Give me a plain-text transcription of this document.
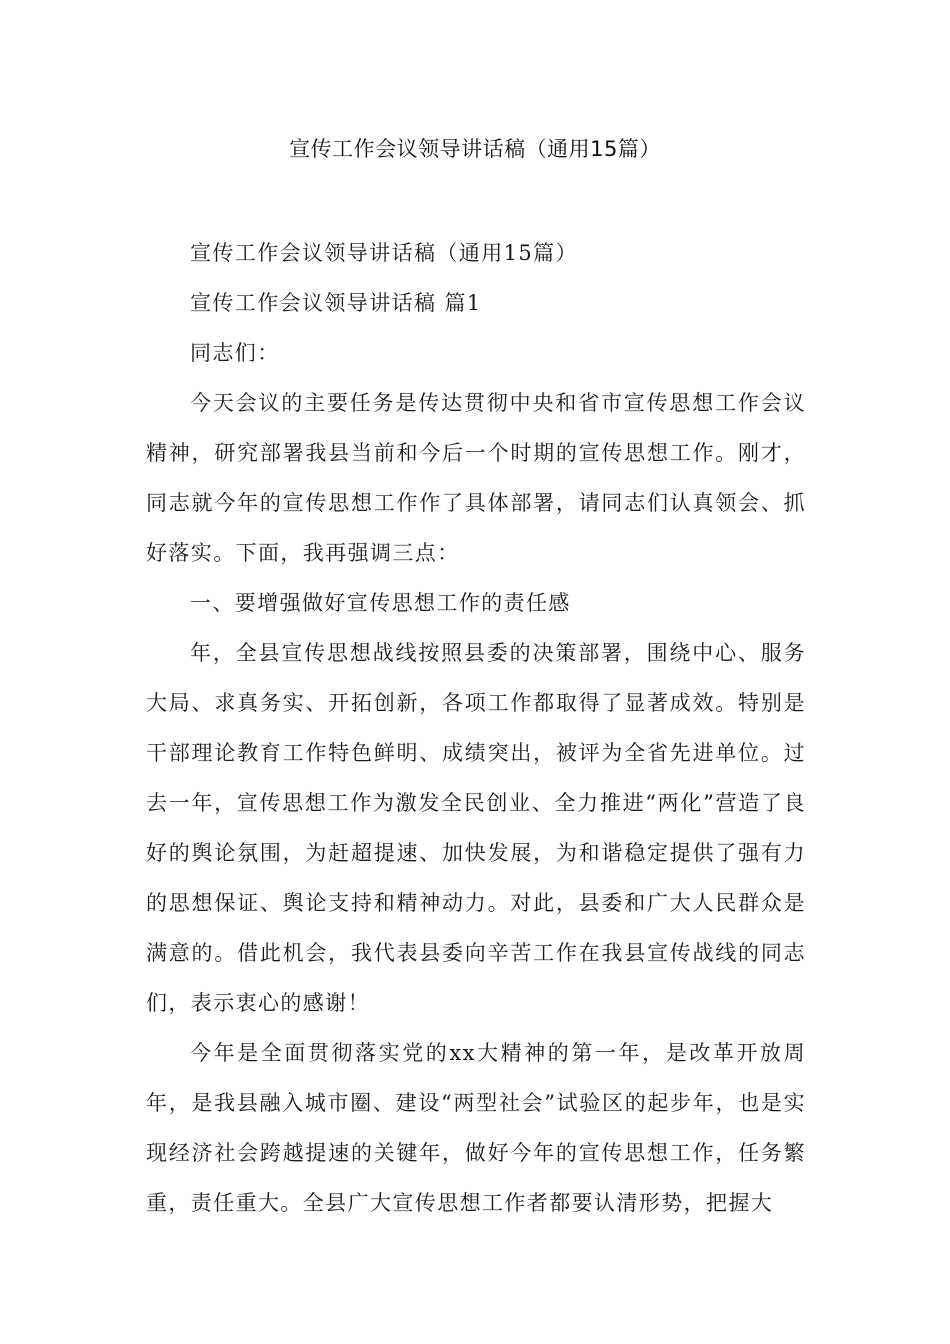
宣传工作会议领导讲话稿（通用15篇）

宣传工作会议领导讲话稿（通用15篇）

宣传工作会议领导讲话稿 篇1

同志们：

今天会议的主要任务是传达贯彻中央和省市宣传思想工作会议精神，研究部署我县当前和今后一个时期的宣传思想工作。刚才，同志就今年的宣传思想工作作了具体部署，请同志们认真领会、抓好落实。下面，我再强调三点：

一、要增强做好宣传思想工作的责任感

年，全县宣传思想战线按照县委的决策部署，围绕中心、服务大局、求真务实、开拓创新，各项工作都取得了显著成效。特别是干部理论教育工作特色鲜明、成绩突出，被评为全省先进单位。过去一年，宣传思想工作为激发全民创业、全力推进“两化”营造了良好的舆论氛围，为赶超提速、加快发展，为和谐稳定提供了强有力的思想保证、舆论支持和精神动力。对此，县委和广大人民群众是满意的。借此机会，我代表县委向辛苦工作在我县宣传战线的同志们，表示衷心的感谢！

今年是全面贯彻落实党的xx大精神的第一年，是改革开放周年，是我县融入城市圈、建设“两型社会”试验区的起步年，也是实现经济社会跨越提速的关键年，做好今年的宣传思想工作，任务繁重，责任重大。全县广大宣传思想工作者都要认清形势，把握大
